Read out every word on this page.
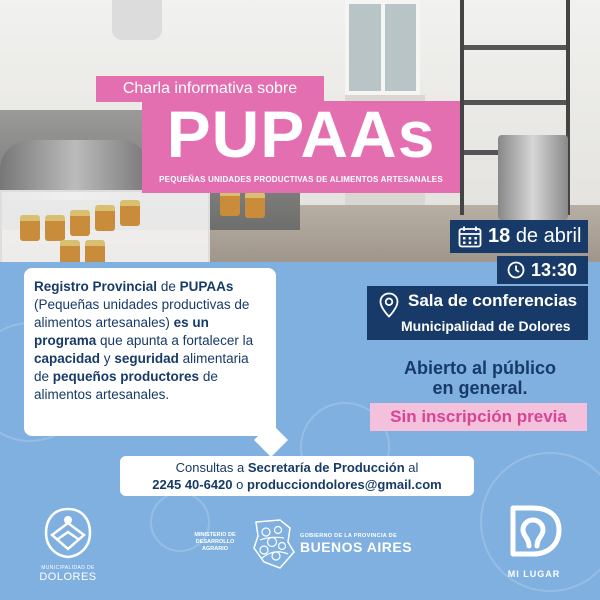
Charla informativa sobre
PUPAAs
PEQUEÑAS UNIDADES PRODUCTIVAS DE ALIMENTOS ARTESANALES
18 de abril
13:30
Sala de conferencias
Municipalidad de Dolores
Abierto al público
en general.
Sin inscripción previa
Registro Provincial de PUPAAs (Pequeñas unidades productivas de alimentos artesanales) es un programa que apunta a fortalecer la capacidad y seguridad alimentaria de pequeños productores de alimentos artesanales.
Consultas a Secretaría de Producción al
2245 40-6420 o producciondolores@gmail.com
MUNICIPALIDAD DE
DOLORES
MINISTERIO DE DESARROLLO AGRARIO
GOBIERNO DE LA PROVINCIA DE
BUENOS AIRES
MI LUGAR
